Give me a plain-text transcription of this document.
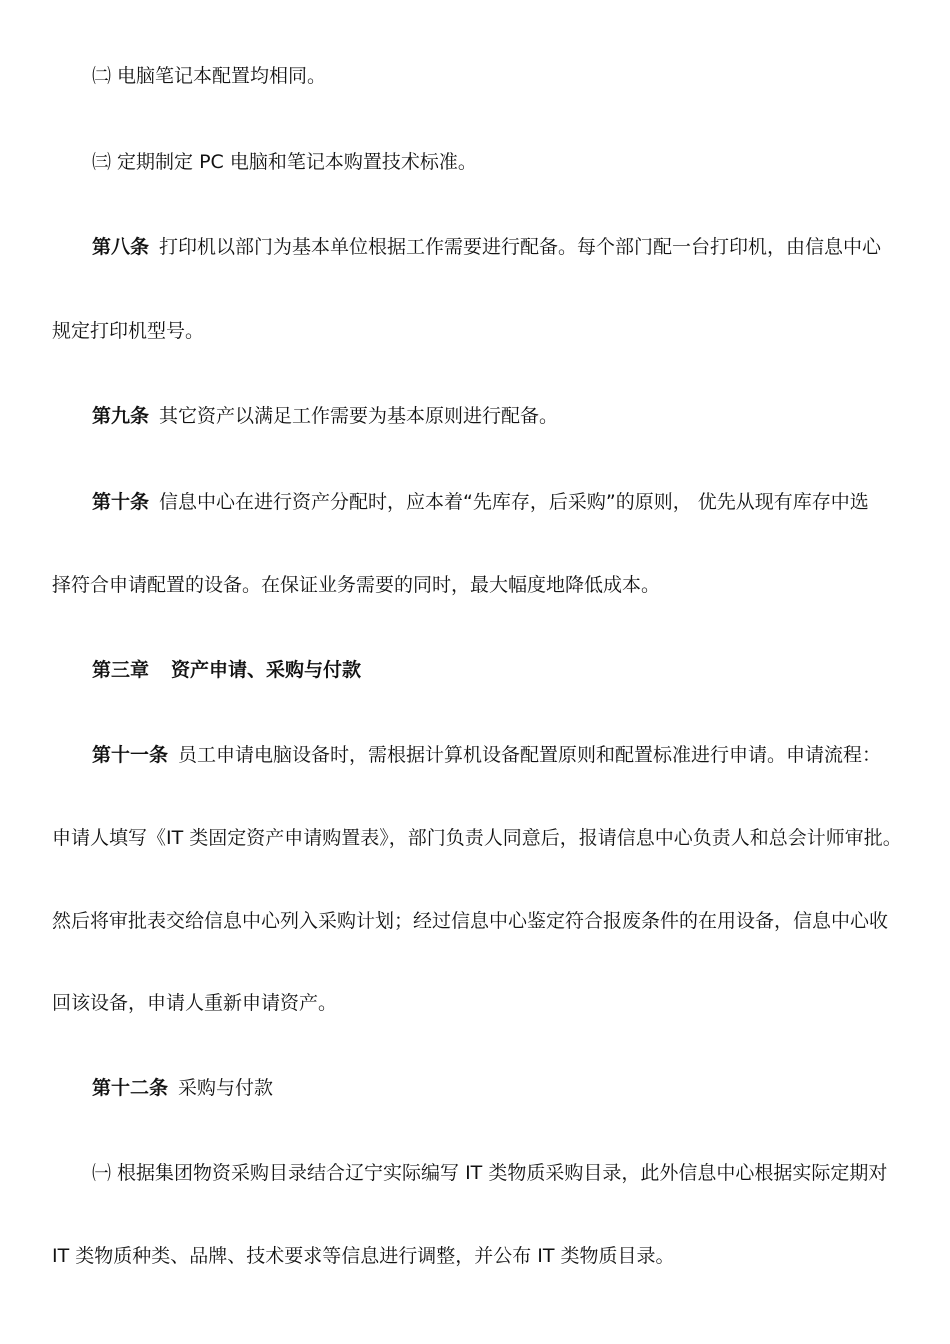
㈡ 电脑笔记本配置均相同。
㈢ 定期制定 PC 电脑和笔记本购置技术标准。
第八条 打印机以部门为基本单位根据工作需要进行配备。每个部门配一台打印机，由信息中心
规定打印机型号。
第九条 其它资产以满足工作需要为基本原则进行配备。
第十条 信息中心在进行资产分配时，应本着“先库存，后采购”的原则， 优先从现有库存中选
择符合申请配置的设备。在保证业务需要的同时，最大幅度地降低成本。
第三章 资产申请、采购与付款
第十一条 员工申请电脑设备时，需根据计算机设备配置原则和配置标准进行申请。申请流程：
申请人填写《IT 类固定资产申请购置表》，部门负责人同意后，报请信息中心负责人和总会计师审批。
然后将审批表交给信息中心列入采购计划；经过信息中心鉴定符合报废条件的在用设备，信息中心收
回该设备，申请人重新申请资产。
第十二条 采购与付款
㈠ 根据集团物资采购目录结合辽宁实际编写 IT 类物质采购目录，此外信息中心根据实际定期对
IT 类物质种类、品牌、技术要求等信息进行调整，并公布 IT 类物质目录。
